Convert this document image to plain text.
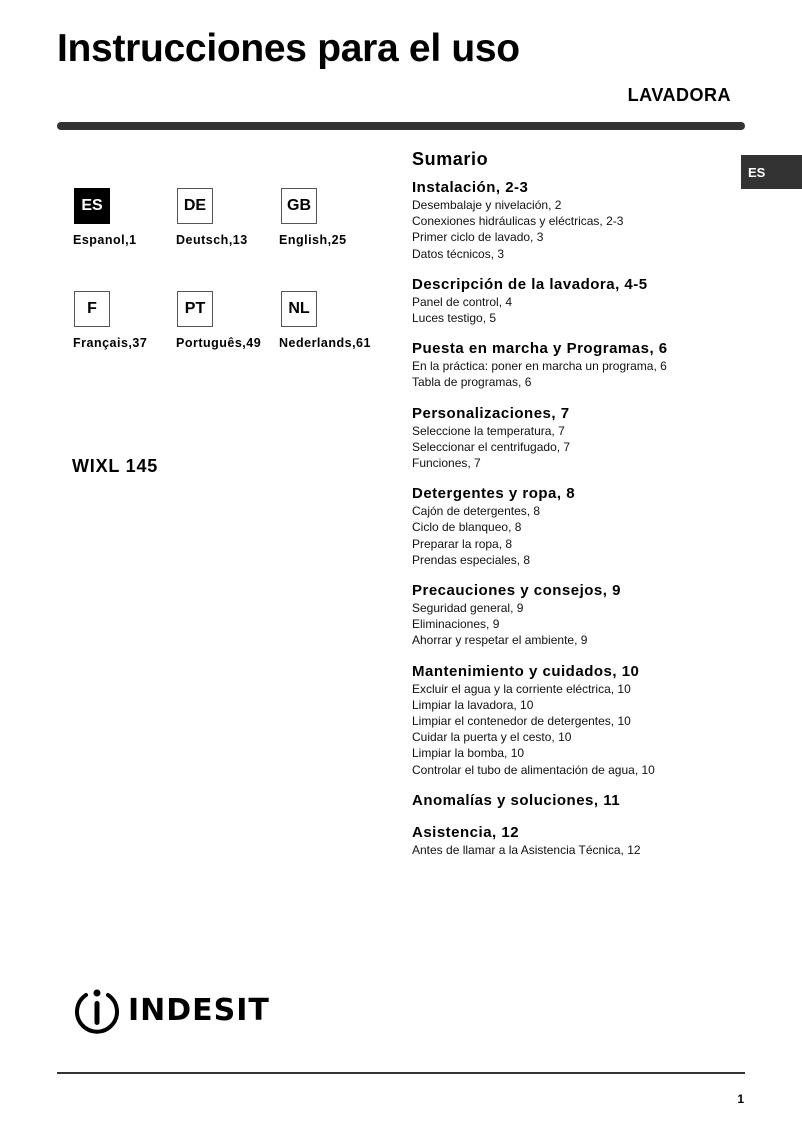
Instrucciones para el uso
LAVADORA
ES
ES
Espanol,1
DE
Deutsch,13
GB
English,25
F
Français,37
PT
Português,49
NL
Nederlands,61
WIXL 145
Sumario
Instalación, 2-3

Desembalaje y nivelación, 2

Conexiones hidráulicas y eléctricas, 2-3

Primer ciclo de lavado, 3

Datos técnicos, 3

Descripción de la lavadora, 4-5

Panel de control, 4

Luces testigo, 5

Puesta en marcha y Programas, 6

En la práctica: poner en marcha un programa, 6

Tabla de programas, 6

Personalizaciones, 7

Seleccione la temperatura, 7

Seleccionar el centrifugado, 7

Funciones, 7

Detergentes y ropa, 8

Cajón de detergentes, 8

Ciclo de blanqueo, 8

Preparar la ropa, 8

Prendas especiales, 8

Precauciones y consejos, 9

Seguridad general, 9

Eliminaciones, 9

Ahorrar y respetar el ambiente, 9

Mantenimiento y cuidados, 10

Excluir el agua y la corriente eléctrica, 10

Limpiar la lavadora, 10

Limpiar el contenedor de detergentes, 10

Cuidar la puerta y el cesto, 10

Limpiar la bomba, 10

Controlar el tubo de alimentación de agua, 10

Anomalías y soluciones, 11
Asistencia, 12

Antes de llamar a la Asistencia Técnica, 12

INDESIT
1
